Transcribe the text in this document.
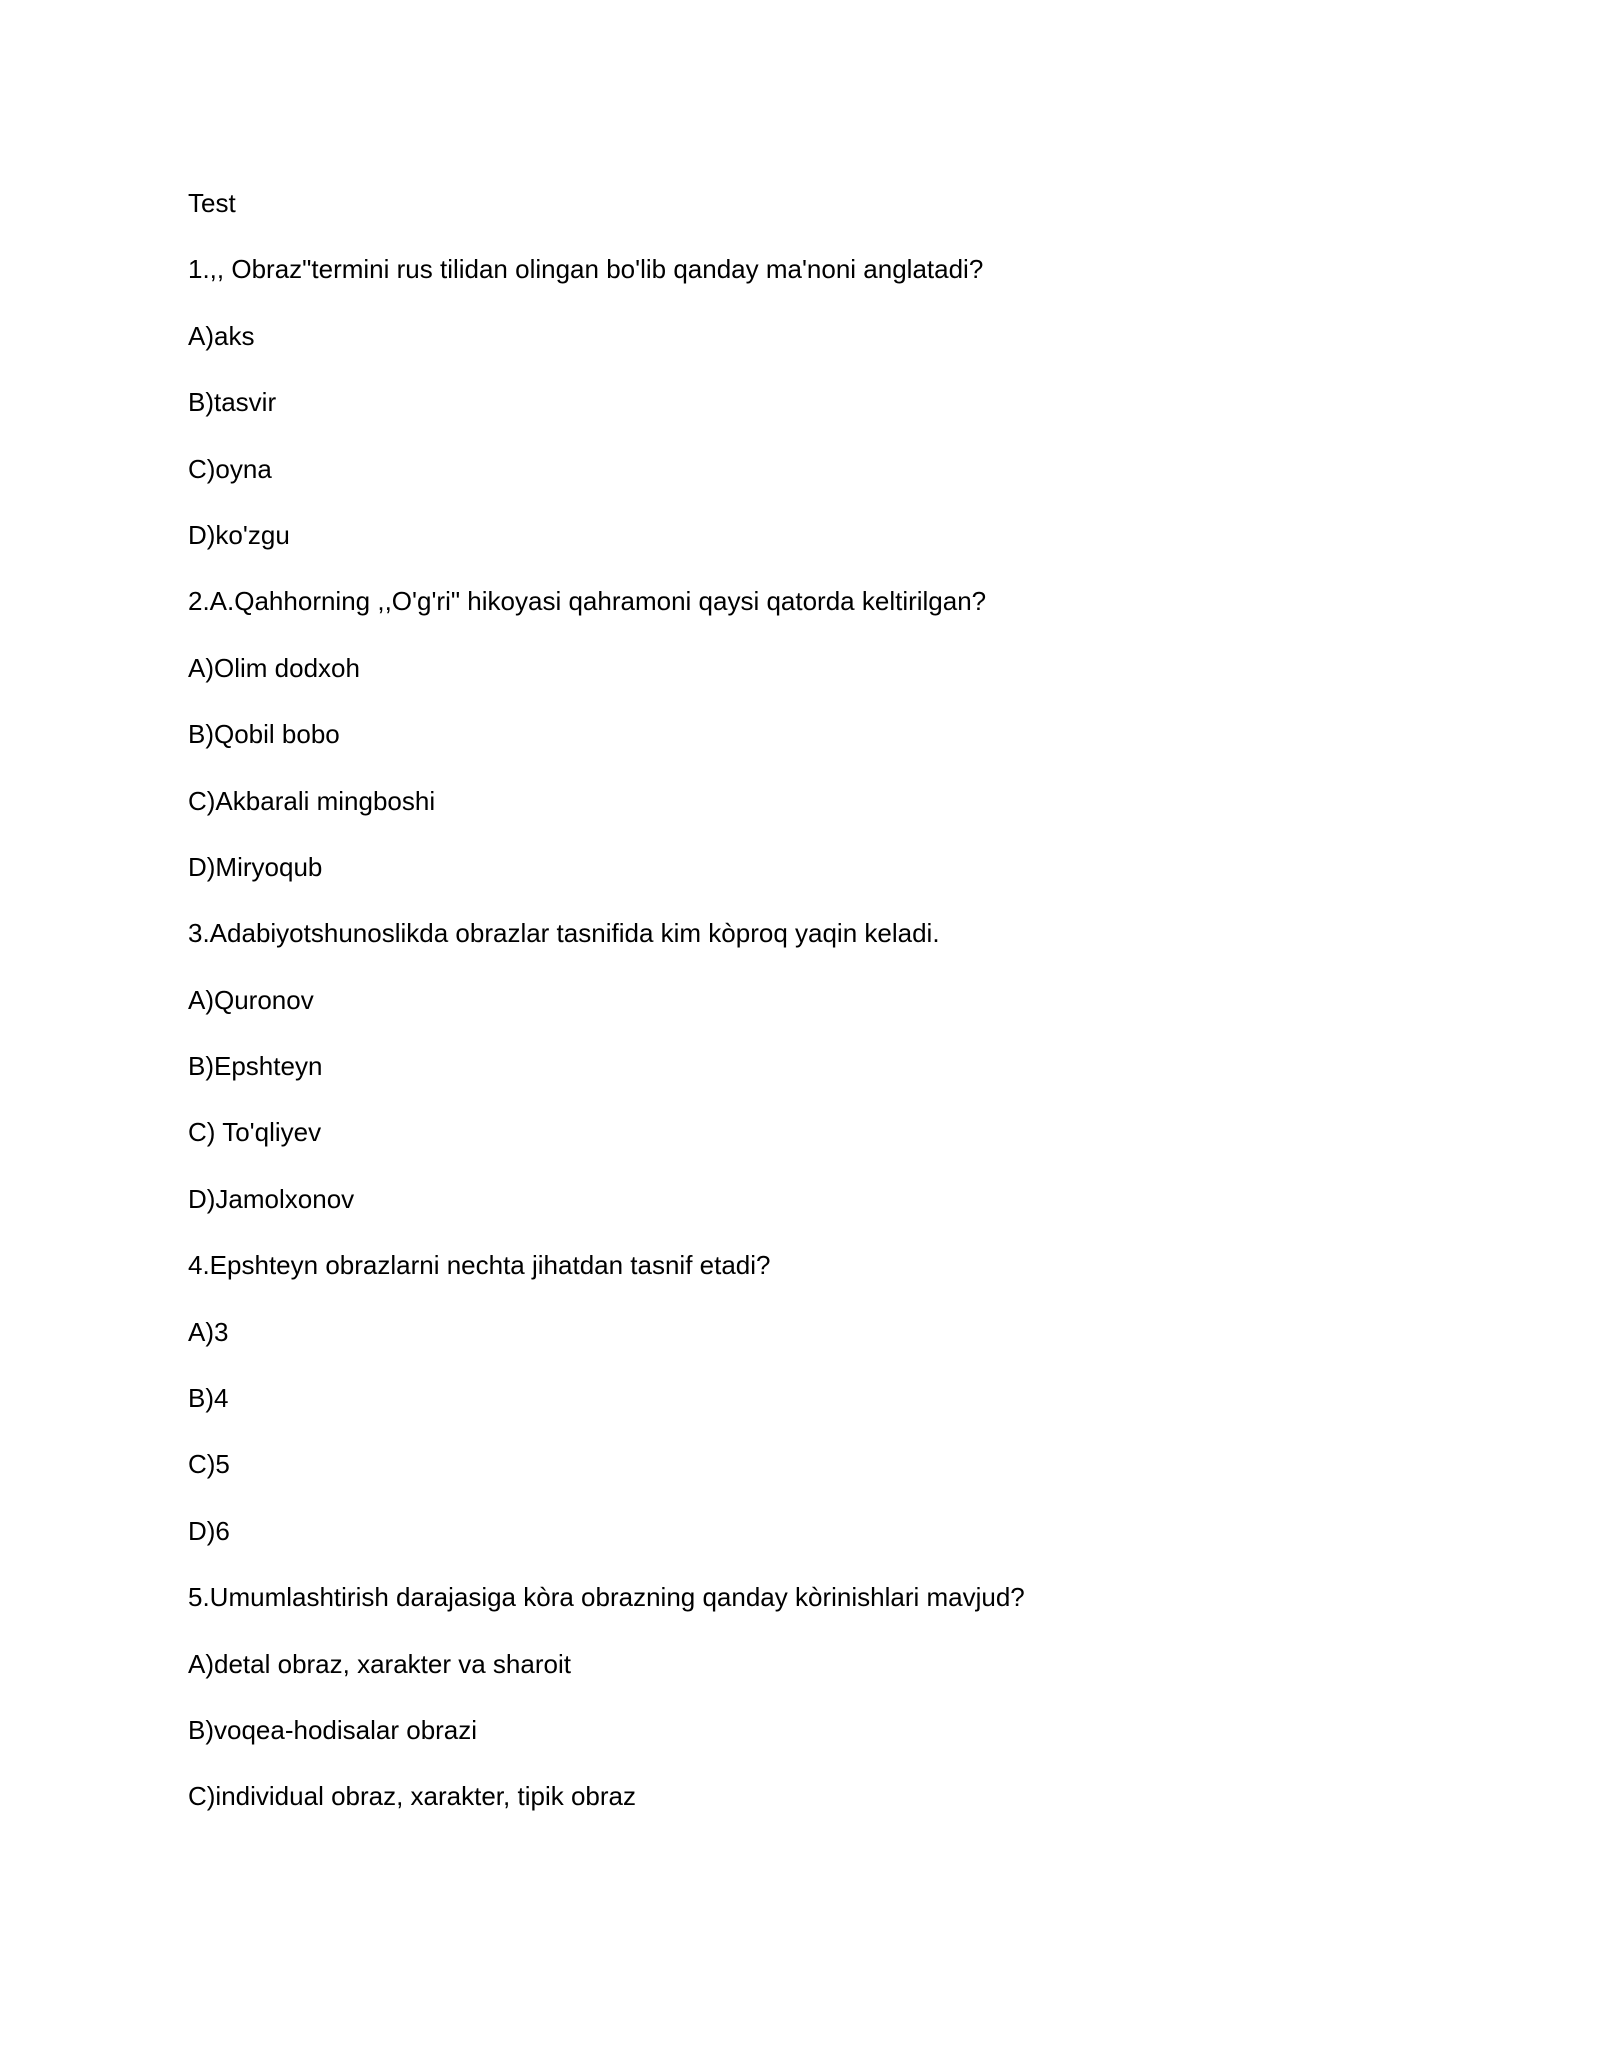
Test
1.,, Obraz"termini rus tilidan olingan bo'lib qanday ma'noni anglatadi?
A)aks
B)tasvir
C)oyna
D)ko'zgu
2.A.Qahhorning ,,O'g'ri" hikoyasi qahramoni qaysi qatorda keltirilgan?
A)Olim dodxoh
B)Qobil bobo
C)Akbarali mingboshi
D)Miryoqub
3.Adabiyotshunoslikda obrazlar tasnifida kim kòproq yaqin keladi.
A)Quronov
B)Epshteyn
C) To'qliyev
D)Jamolxonov
4.Epshteyn obrazlarni nechta jihatdan tasnif etadi?
A)3
B)4
C)5
D)6
5.Umumlashtirish darajasiga kòra obrazning qanday kòrinishlari mavjud?
A)detal obraz, xarakter va sharoit
B)voqea-hodisalar obrazi
C)individual obraz, xarakter, tipik obraz
